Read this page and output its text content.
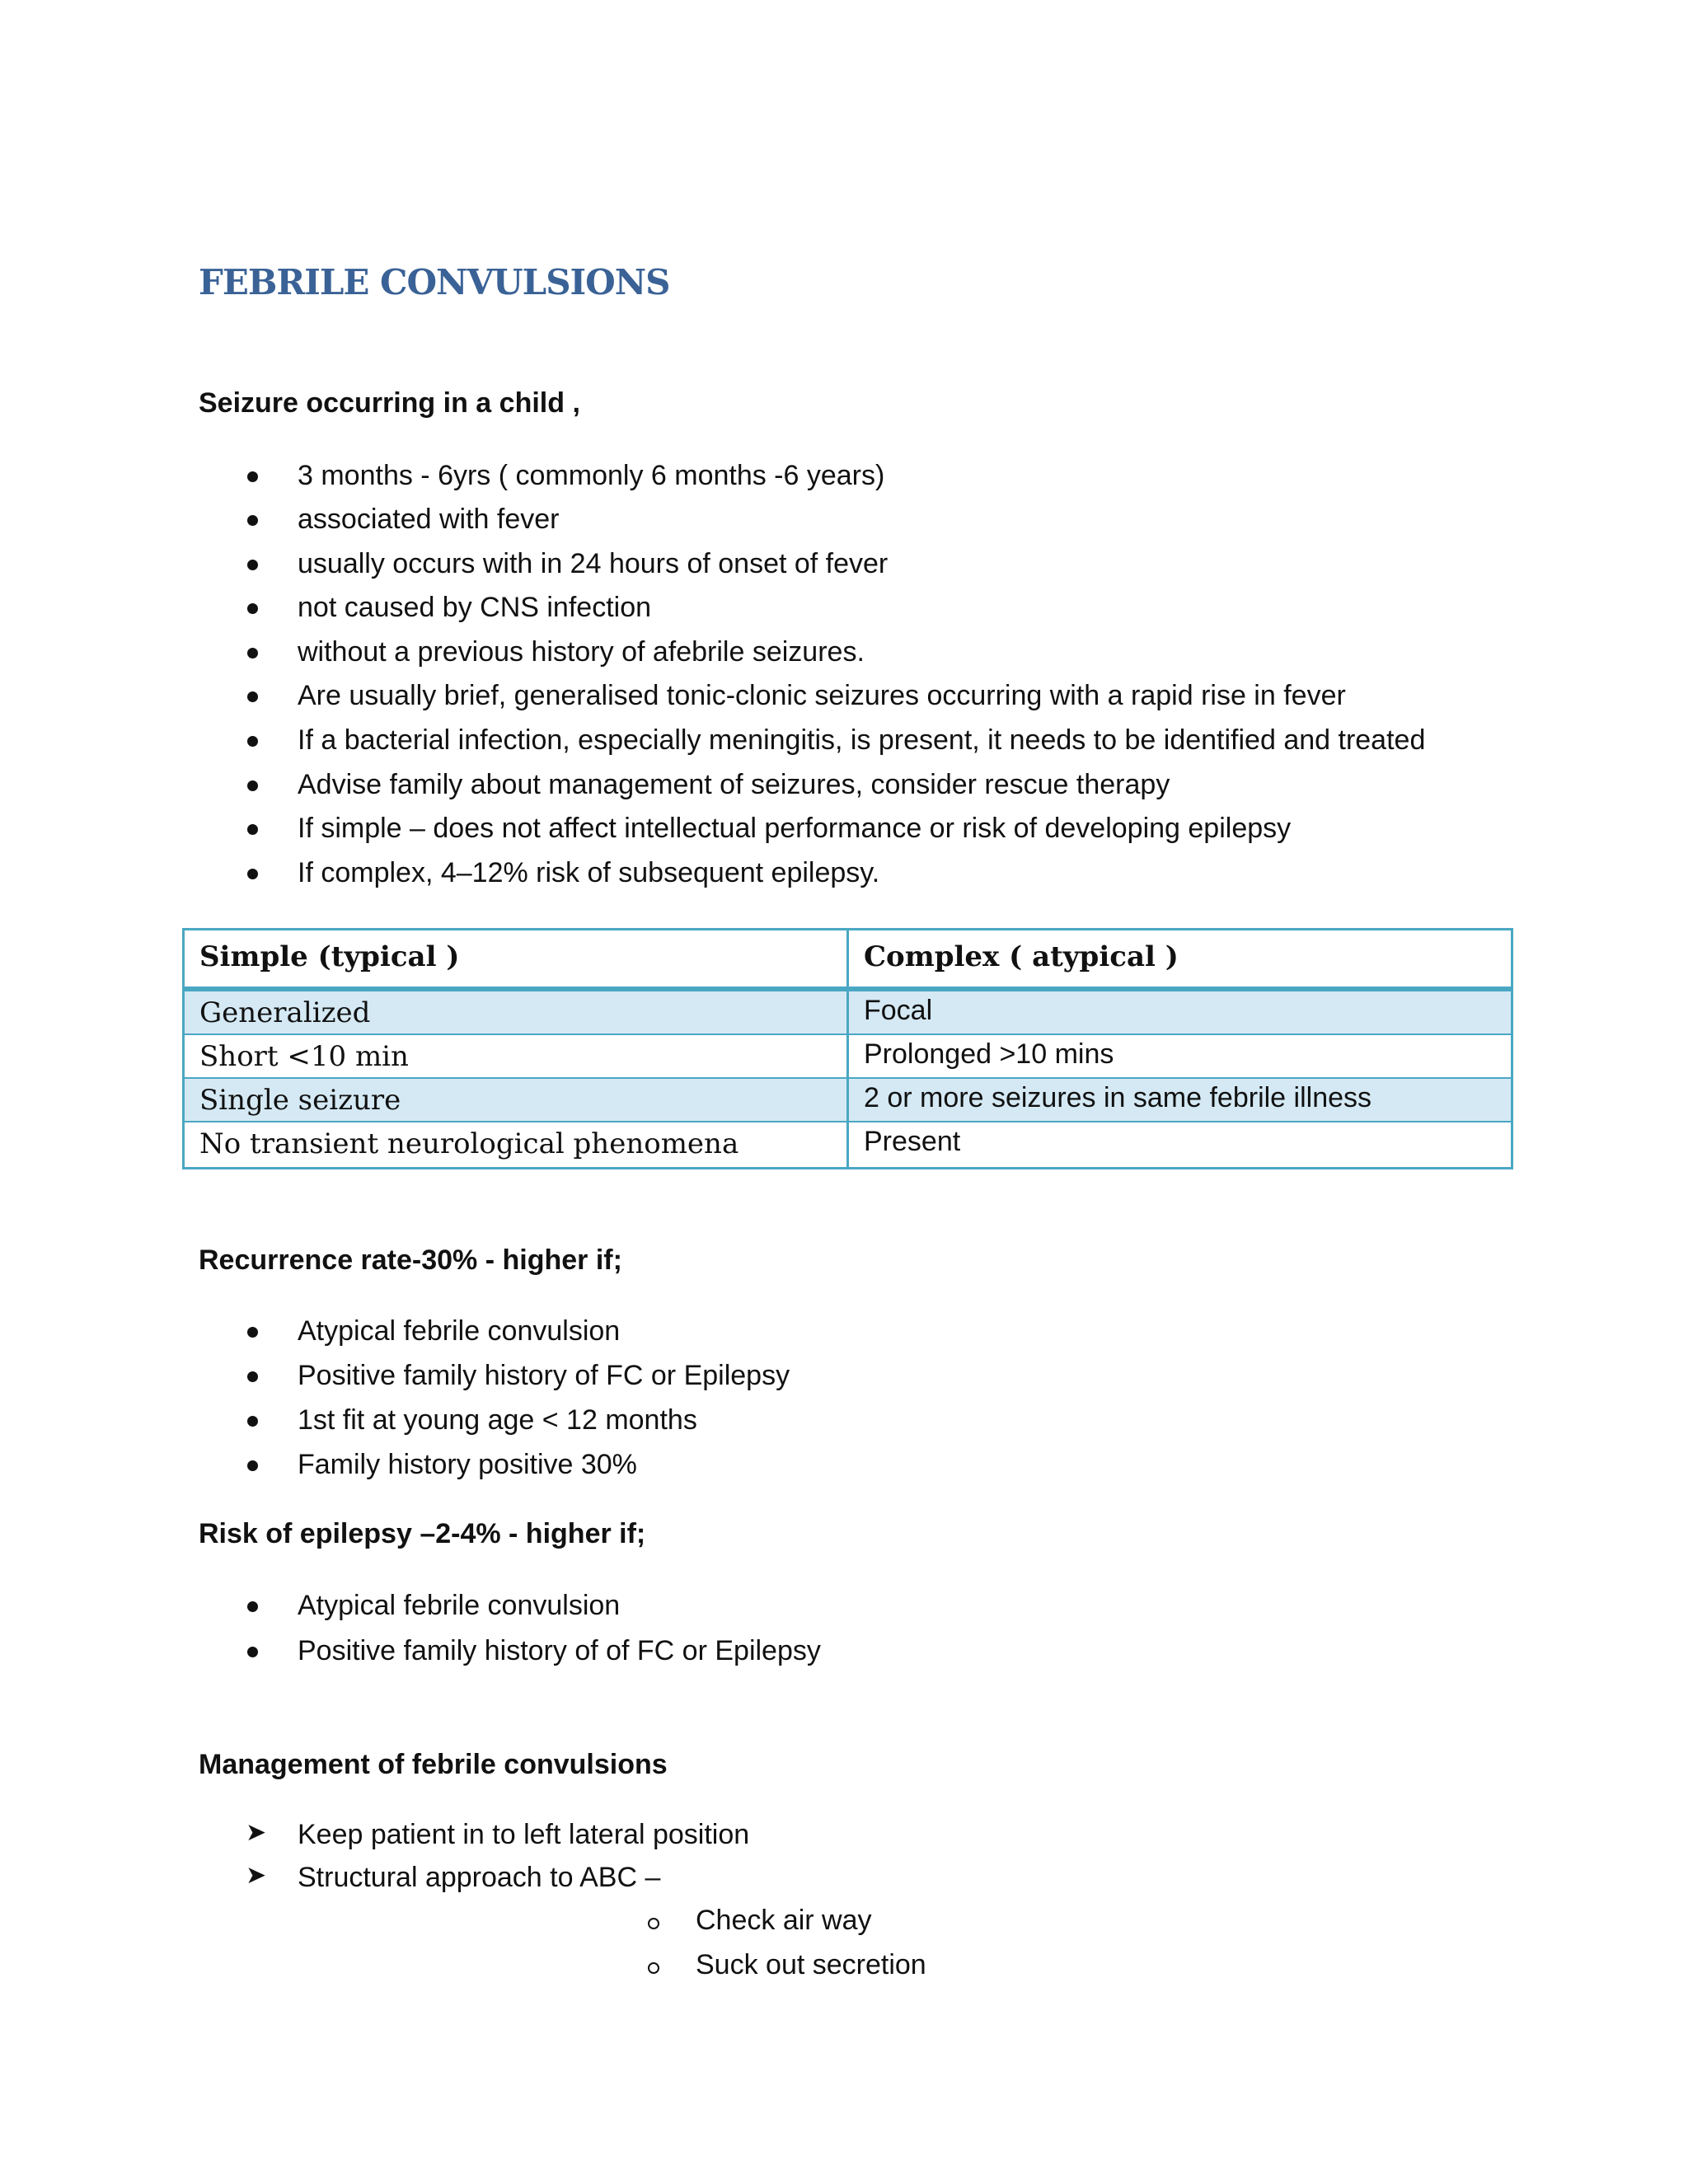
FEBRILE CONVULSIONS
Seizure occurring in a child ,
3 months - 6yrs ( commonly 6 months -6 years)
associated with fever
usually occurs with in 24 hours of onset of fever
not caused by CNS infection
without a previous history of afebrile seizures.
Are usually brief, generalised tonic-clonic seizures occurring with a rapid rise in fever
If a bacterial infection, especially meningitis, is present, it needs to be identified and treated
Advise family about management of seizures, consider rescue therapy
If simple – does not affect intellectual performance or risk of developing epilepsy
If complex, 4–12% risk of subsequent epilepsy.
Simple (typical )	Complex ( atypical )
Generalized	Focal
Short <10 min	Prolonged >10 mins
Single seizure	2 or more seizures in same febrile illness
No transient neurological phenomena	Present
Recurrence rate-30% - higher if;
Atypical febrile convulsion
Positive family history of FC or Epilepsy
1st fit at young age < 12 months
Family history positive 30%
Risk of epilepsy –2-4% - higher if;
Atypical febrile convulsion
Positive family history of of FC or Epilepsy
Management of febrile convulsions
➤ Keep patient in to left lateral position
➤ Structural approach to ABC –
Check air way
Suck out secretion
